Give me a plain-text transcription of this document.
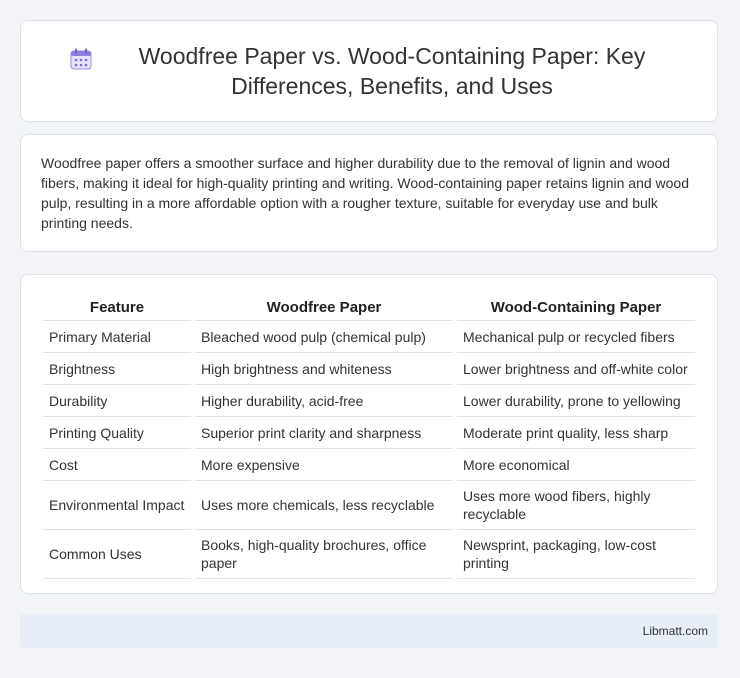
Woodfree Paper vs. Wood-Containing Paper: Key Differences, Benefits, and Uses

Woodfree paper offers a smoother surface and higher durability due to the removal of lignin and wood fibers, making it ideal for high-quality printing and writing. Wood-containing paper retains lignin and wood pulp, resulting in a more affordable option with a rougher texture, suitable for everyday use and bulk printing needs.

Feature	Woodfree Paper	Wood-Containing Paper
Primary Material	Bleached wood pulp (chemical pulp)	Mechanical pulp or recycled fibers
Brightness	High brightness and whiteness	Lower brightness and off-white color
Durability	Higher durability, acid-free	Lower durability, prone to yellowing
Printing Quality	Superior print clarity and sharpness	Moderate print quality, less sharp
Cost	More expensive	More economical
Environmental Impact	Uses more chemicals, less recyclable	Uses more wood fibers, highly recyclable
Common Uses	Books, high-quality brochures, office paper	Newsprint, packaging, low-cost printing
Libmatt.com
